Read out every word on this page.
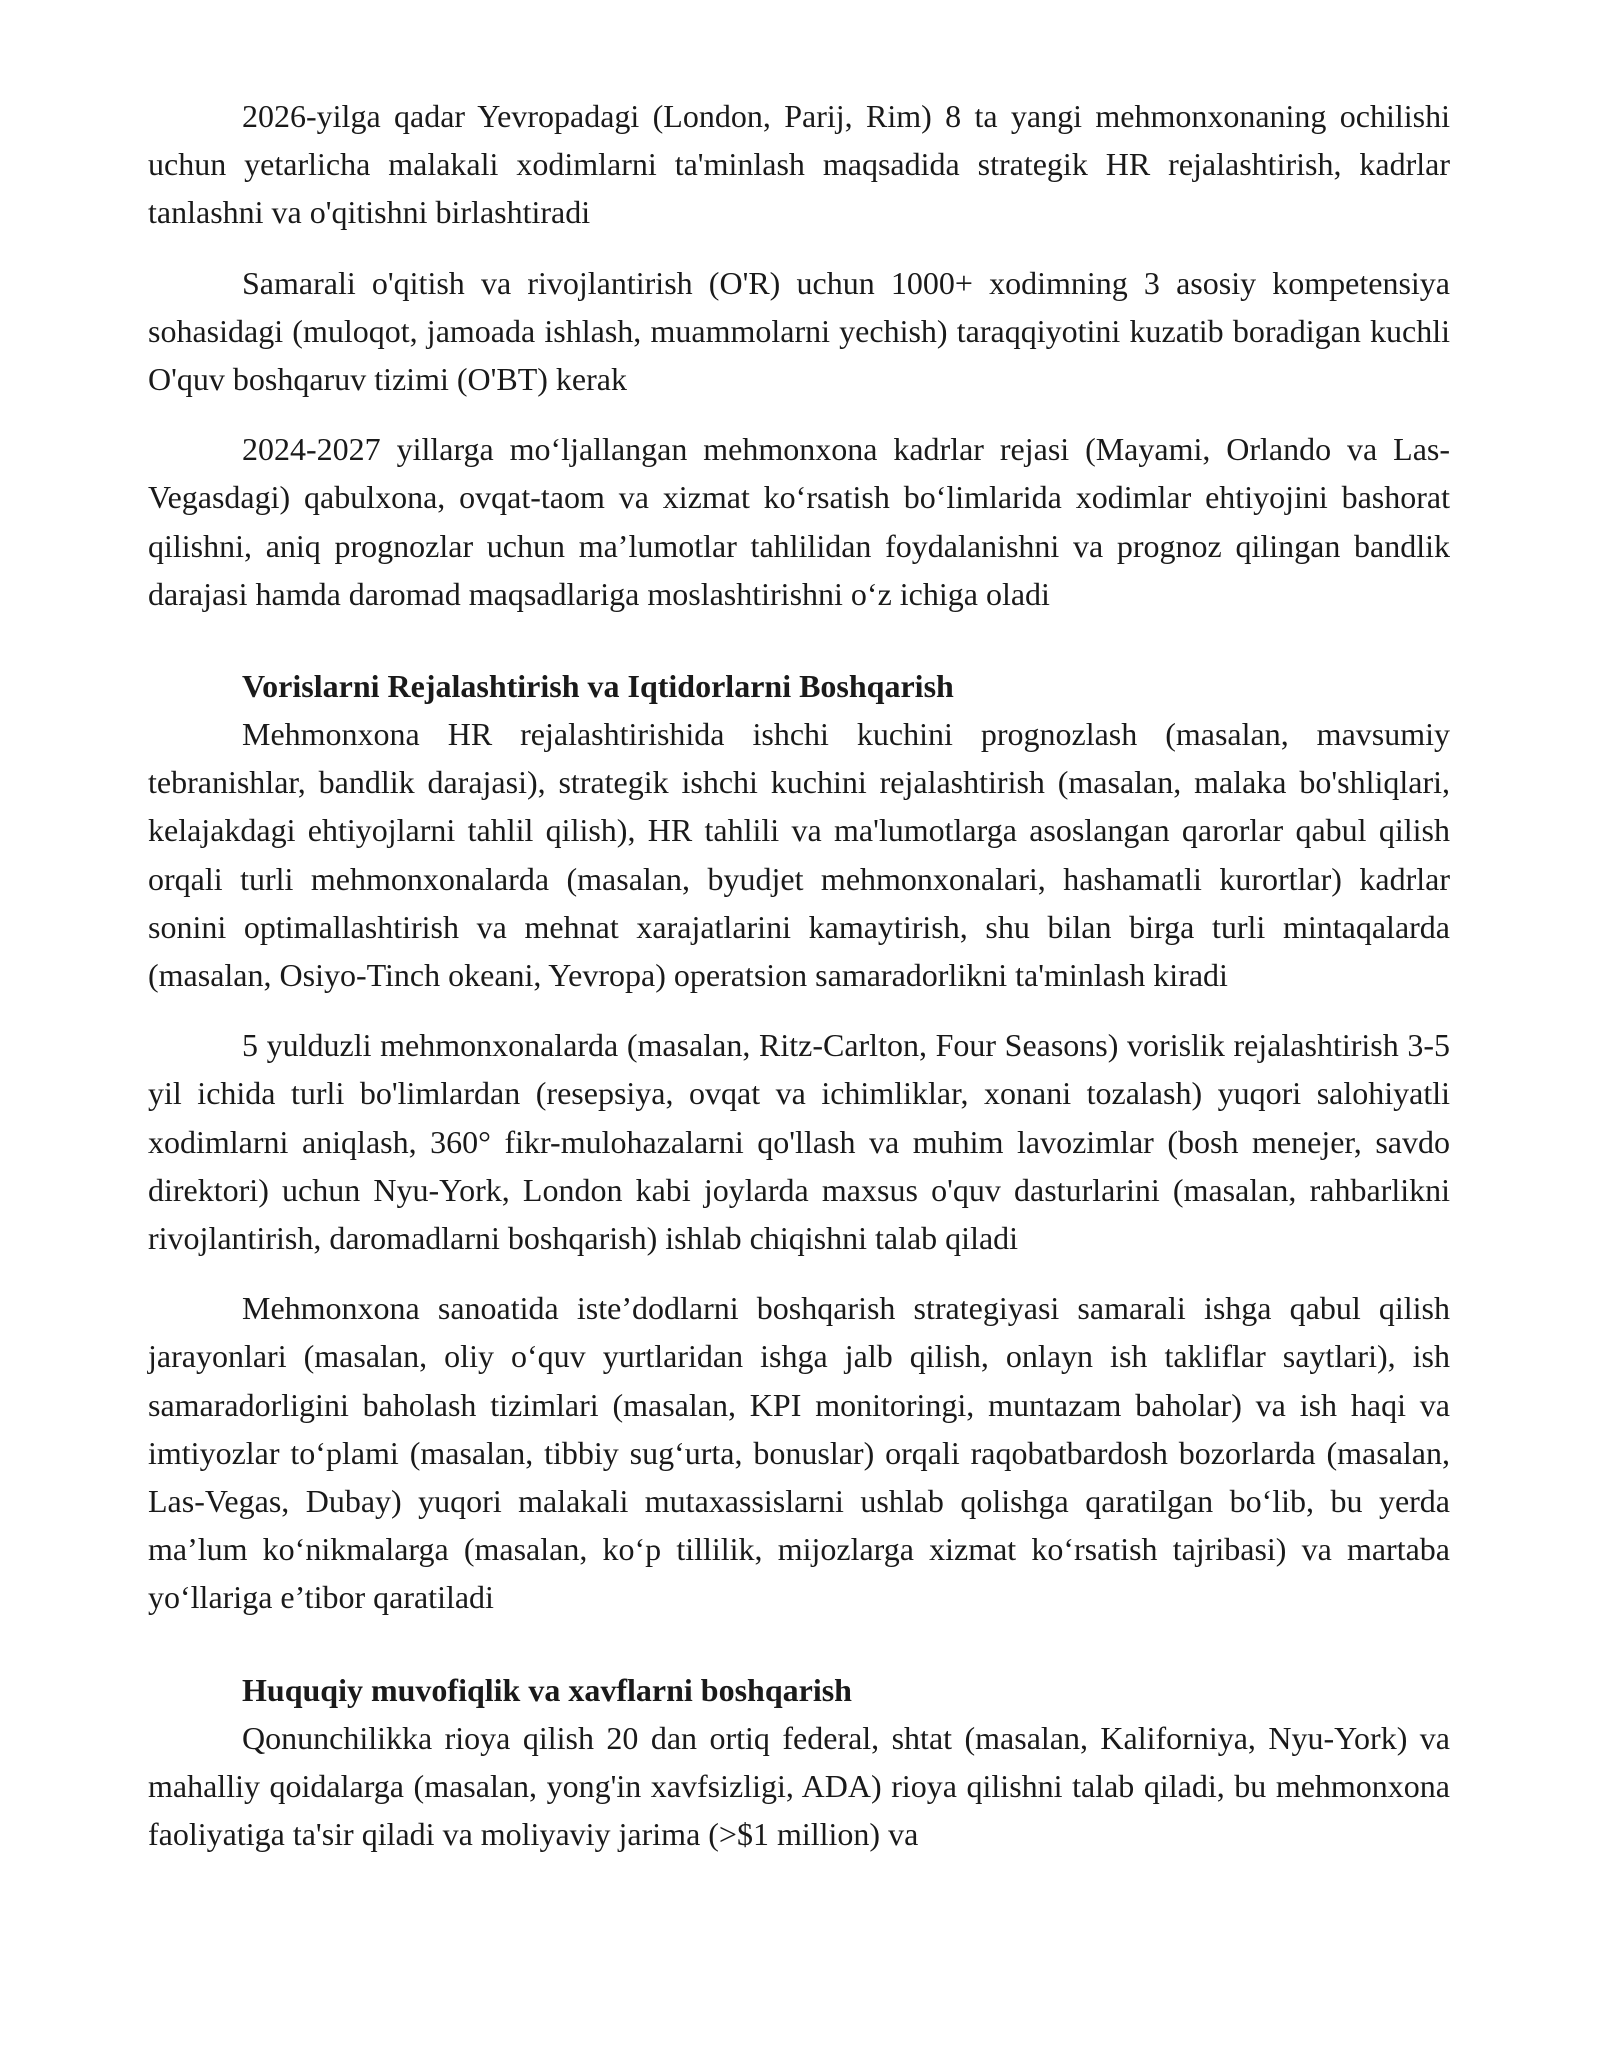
2026-yilga qadar Yevropadagi (London, Parij, Rim) 8 ta yangi mehmonxonaning ochilishi uchun yetarlicha malakali xodimlarni ta'minlash maqsadida strategik HR rejalashtirish, kadrlar tanlashni va o'qitishni birlashtiradi

Samarali o'qitish va rivojlantirish (O'R) uchun 1000+ xodimning 3 asosiy kompetensiya sohasidagi (muloqot, jamoada ishlash, muammolarni yechish) taraqqiyotini kuzatib boradigan kuchli O'quv boshqaruv tizimi (O'BT) kerak

2024-2027 yillarga mo‘ljallangan mehmonxona kadrlar rejasi (Mayami, Orlando va Las-Vegasdagi) qabulxona, ovqat-taom va xizmat ko‘rsatish bo‘limlarida xodimlar ehtiyojini bashorat qilishni, aniq prognozlar uchun ma’lumotlar tahlilidan foydalanishni va prognoz qilingan bandlik darajasi hamda daromad maqsadlariga moslashtirishni o‘z ichiga oladi

Vorislarni Rejalashtirish va Iqtidorlarni Boshqarish

Mehmonxona HR rejalashtirishida ishchi kuchini prognozlash (masalan, mavsumiy tebranishlar, bandlik darajasi), strategik ishchi kuchini rejalashtirish (masalan, malaka bo'shliqlari, kelajakdagi ehtiyojlarni tahlil qilish), HR tahlili va ma'lumotlarga asoslangan qarorlar qabul qilish orqali turli mehmonxonalarda (masalan, byudjet mehmonxonalari, hashamatli kurortlar) kadrlar sonini optimallashtirish va mehnat xarajatlarini kamaytirish, shu bilan birga turli mintaqalarda (masalan, Osiyo-Tinch okeani, Yevropa) operatsion samaradorlikni ta'minlash kiradi

5 yulduzli mehmonxonalarda (masalan, Ritz-Carlton, Four Seasons) vorislik rejalashtirish 3-5 yil ichida turli bo'limlardan (resepsiya, ovqat va ichimliklar, xonani tozalash) yuqori salohiyatli xodimlarni aniqlash, 360° fikr-mulohazalarni qo'llash va muhim lavozimlar (bosh menejer, savdo direktori) uchun Nyu-York, London kabi joylarda maxsus o'quv dasturlarini (masalan, rahbarlikni rivojlantirish, daromadlarni boshqarish) ishlab chiqishni talab qiladi

Mehmonxona sanoatida iste’dodlarni boshqarish strategiyasi samarali ishga qabul qilish jarayonlari (masalan, oliy o‘quv yurtlaridan ishga jalb qilish, onlayn ish takliflar saytlari), ish samaradorligini baholash tizimlari (masalan, KPI monitoringi, muntazam baholar) va ish haqi va imtiyozlar to‘plami (masalan, tibbiy sug‘urta, bonuslar) orqali raqobatbardosh bozorlarda (masalan, Las-Vegas, Dubay) yuqori malakali mutaxassislarni ushlab qolishga qaratilgan bo‘lib, bu yerda ma’lum ko‘nikmalarga (masalan, ko‘p tillilik, mijozlarga xizmat ko‘rsatish tajribasi) va martaba yo‘llariga e’tibor qaratiladi

Huquqiy muvofiqlik va xavflarni boshqarish

Qonunchilikka rioya qilish 20 dan ortiq federal, shtat (masalan, Kaliforniya, Nyu-York) va mahalliy qoidalarga (masalan, yong'in xavfsizligi, ADA) rioya qilishni talab qiladi, bu mehmonxona faoliyatiga ta'sir qiladi va moliyaviy jarima (>$1 million) va
